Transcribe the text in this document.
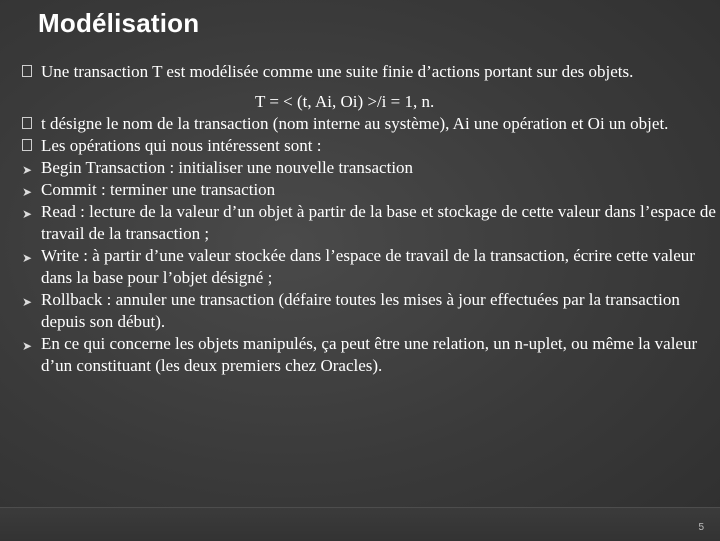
Modélisation
Une transaction T est modélisée comme une suite finie d’actions portant sur des objets.
T = < (t, Ai, Oi) >/i = 1, n.
t désigne le nom de la transaction (nom interne au système), Ai une opération et Oi un objet.
Les opérations qui nous intéressent sont :
➤ Begin Transaction : initialiser une nouvelle transaction
➤ Commit : terminer une transaction
➤ Read : lecture de la valeur d’un objet à partir de la base et stockage de cette valeur dans l’espace de travail de la transaction ;
➤ Write : à partir d’une valeur stockée dans l’espace de travail de la transaction, écrire cette valeur dans la base pour l’objet désigné ;
➤ Rollback : annuler une transaction (défaire toutes les mises à jour effectuées par la transaction depuis son début).
➤ En ce qui concerne les objets manipulés, ça peut être une relation, un n-uplet, ou même la valeur d’un constituant (les deux premiers chez Oracles).
5
